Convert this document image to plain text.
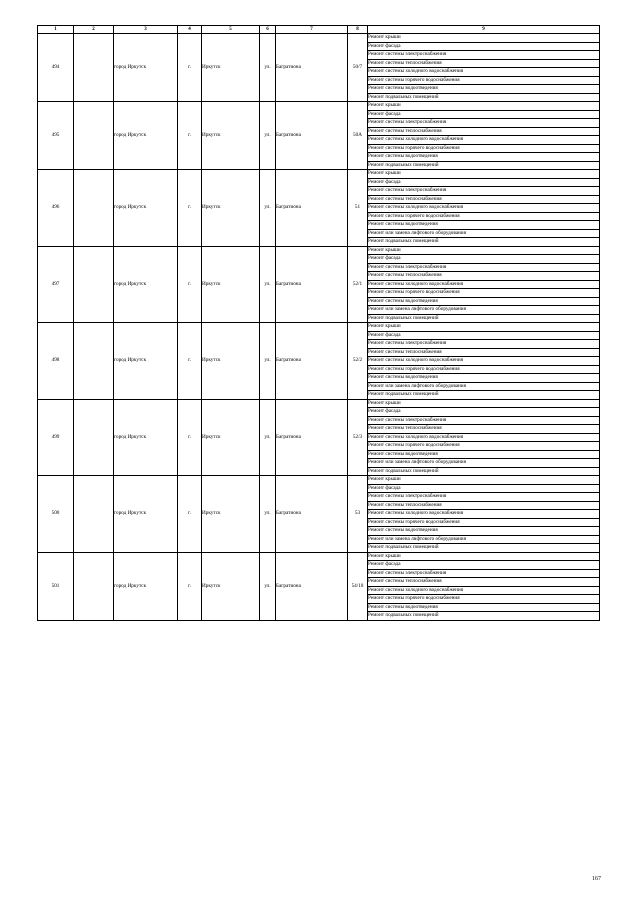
1	2	3	4	5	6	7	8	9
494		город Иркутск	г.	Иркутск	ул.	Багратиона	50/7	Ремонт крыши
								Ремонт фасада
								Ремонт системы электроснабжения
								Ремонт системы теплоснабжения
								Ремонт системы холодного водоснабжения
								Ремонт системы горячего водоснабжения
								Ремонт системы водоотведения
								Ремонт подвальных помещений
495		город Иркутск	г.	Иркутск	ул.	Багратиона	50А	Ремонт крыши
								Ремонт фасада
								Ремонт системы электроснабжения
								Ремонт системы теплоснабжения
								Ремонт системы холодного водоснабжения
								Ремонт системы горячего водоснабжения
								Ремонт системы водоотведения
								Ремонт подвальных помещений
496		город Иркутск	г.	Иркутск	ул.	Багратиона	51	Ремонт крыши
								Ремонт фасада
								Ремонт системы электроснабжения
								Ремонт системы теплоснабжения
								Ремонт системы холодного водоснабжения
								Ремонт системы горячего водоснабжения
								Ремонт системы водоотведения
								Ремонт или замена лифтового оборудования
								Ремонт подвальных помещений
497		город Иркутск	г.	Иркутск	ул.	Багратиона	52/1	Ремонт крыши
								Ремонт фасада
								Ремонт системы электроснабжения
								Ремонт системы теплоснабжения
								Ремонт системы холодного водоснабжения
								Ремонт системы горячего водоснабжения
								Ремонт системы водоотведения
								Ремонт или замена лифтового оборудования
								Ремонт подвальных помещений
498		город Иркутск	г.	Иркутск	ул.	Багратиона	52/2	Ремонт крыши
								Ремонт фасада
								Ремонт системы электроснабжения
								Ремонт системы теплоснабжения
								Ремонт системы холодного водоснабжения
								Ремонт системы горячего водоснабжения
								Ремонт системы водоотведения
								Ремонт или замена лифтового оборудования
								Ремонт подвальных помещений
499		город Иркутск	г.	Иркутск	ул.	Багратиона	52/3	Ремонт крыши
								Ремонт фасада
								Ремонт системы электроснабжения
								Ремонт системы теплоснабжения
								Ремонт системы холодного водоснабжения
								Ремонт системы горячего водоснабжения
								Ремонт системы водоотведения
								Ремонт или замена лифтового оборудования
								Ремонт подвальных помещений
500		город Иркутск	г.	Иркутск	ул.	Багратиона	53	Ремонт крыши
								Ремонт фасада
								Ремонт системы электроснабжения
								Ремонт системы теплоснабжения
								Ремонт системы холодного водоснабжения
								Ремонт системы горячего водоснабжения
								Ремонт системы водоотведения
								Ремонт или замена лифтового оборудования
								Ремонт подвальных помещений
501		город Иркутск	г.	Иркутск	ул.	Багратиона	54/10	Ремонт крыши
								Ремонт фасада
								Ремонт системы электроснабжения
								Ремонт системы теплоснабжения
								Ремонт системы холодного водоснабжения
								Ремонт системы горячего водоснабжения
								Ремонт системы водоотведения
								Ремонт подвальных помещений
167
